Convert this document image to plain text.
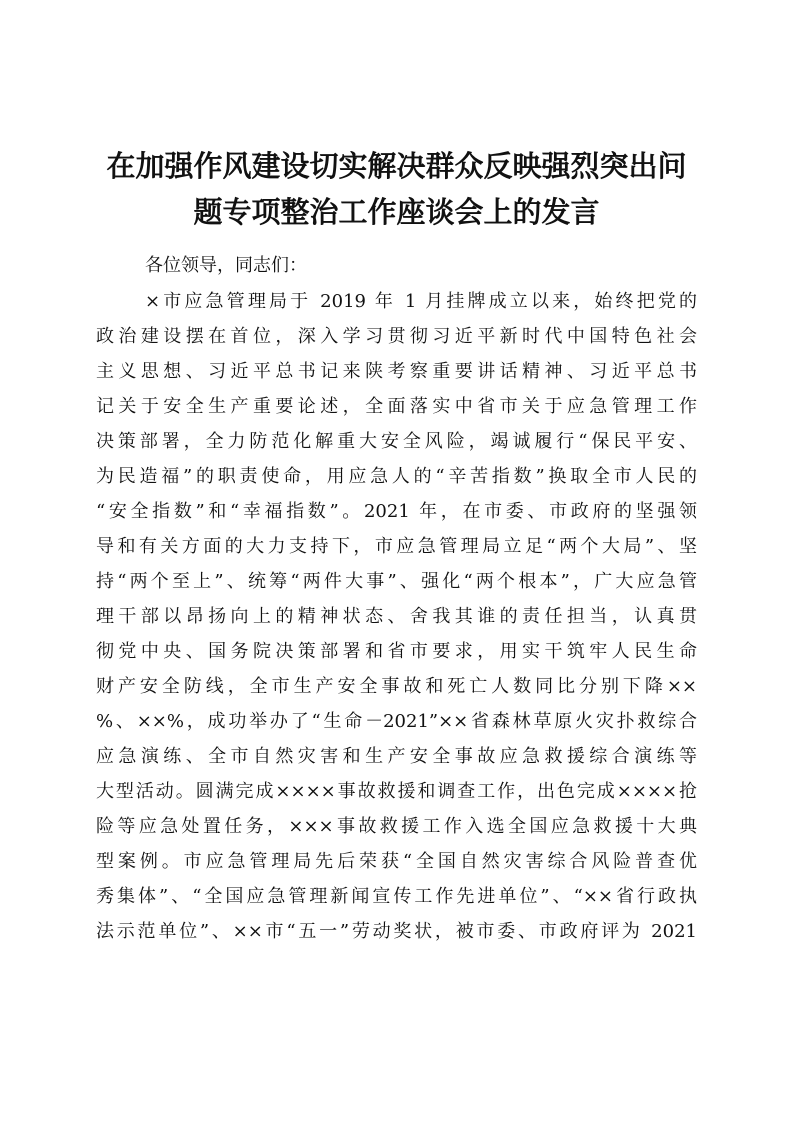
在加强作风建设切实解决群众反映强烈突出问
题专项整治工作座谈会上的发言
各位领导，同志们：
×市应急管理局于 2019 年 1 月挂牌成立以来，始终把党的
政治建设摆在首位，深入学习贯彻习近平新时代中国特色社会
主义思想、习近平总书记来陕考察重要讲话精神、习近平总书
记关于安全生产重要论述，全面落实中省市关于应急管理工作
决策部署，全力防范化解重大安全风险，竭诚履行“保民平安、
为民造福”的职责使命，用应急人的“辛苦指数”换取全市人民的
“安全指数”和“幸福指数”。2021 年，在市委、市政府的坚强领
导和有关方面的大力支持下，市应急管理局立足“两个大局”、坚
持“两个至上”、统筹“两件大事”、强化“两个根本”，广大应急管
理干部以昂扬向上的精神状态、舍我其谁的责任担当，认真贯
彻党中央、国务院决策部署和省市要求，用实干筑牢人民生命
财产安全防线，全市生产安全事故和死亡人数同比分别下降××
%、××%，成功举办了“生命－2021”××省森林草原火灾扑救综合
应急演练、全市自然灾害和生产安全事故应急救援综合演练等
大型活动。圆满完成××××事故救援和调查工作，出色完成××××抢
险等应急处置任务，×××事故救援工作入选全国应急救援十大典
型案例。市应急管理局先后荣获“全国自然灾害综合风险普查优
秀集体”、“全国应急管理新闻宣传工作先进单位”、“××省行政执
法示范单位”、××市“五一”劳动奖状，被市委、市政府评为 2021
